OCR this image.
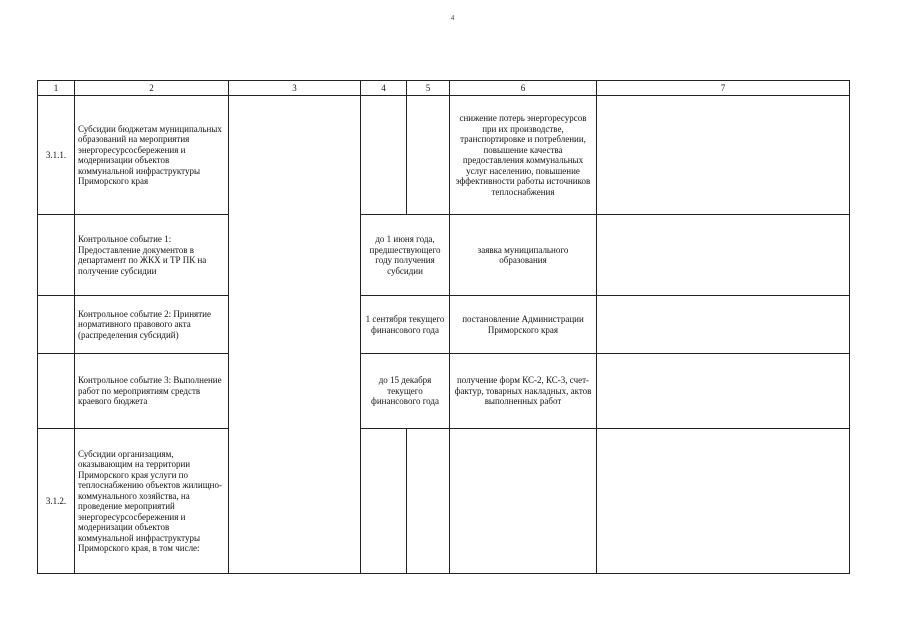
4
1	2	3	4	5	6	7
3.1.1.	Субсидии бюджетам муниципальных образований на мероприятия энергоресурсосбережения и модернизации объектов коммунальной инфраструктуры Приморского края				снижение потерь энергоресурсов при их производстве, транспортировке и потреблении, повышение качества предоставления коммунальных услуг населению, повышение эффективности работы источников теплоснабжения	
	Контрольное событие 1: Предоставление документов в департамент по ЖКХ и ТР ПК на получение субсидии		до 1 июня года, предшествующего году получения субсидии		заявка муниципального образования	
	Контрольное событие 2: Принятие нормативного правового акта (распределения субсидий)		1 сентября текущего финансового года		постановление Администрации Приморского края	
	Контрольное событие 3: Выполнение работ по мероприятиям средств краевого бюджета		до 15 декабря текущего финансового года		получение форм КС-2, КС-3, счет-фактур, товарных накладных, актов выполненных работ	
3.1.2.	Субсидии организациям, оказывающим на территории Приморского края услуги по теплоснабжению объектов жилищно-коммунального хозяйства, на проведение мероприятий энергоресурсосбережения и модернизации объектов коммунальной инфраструктуры Приморского края, в том числе:					
